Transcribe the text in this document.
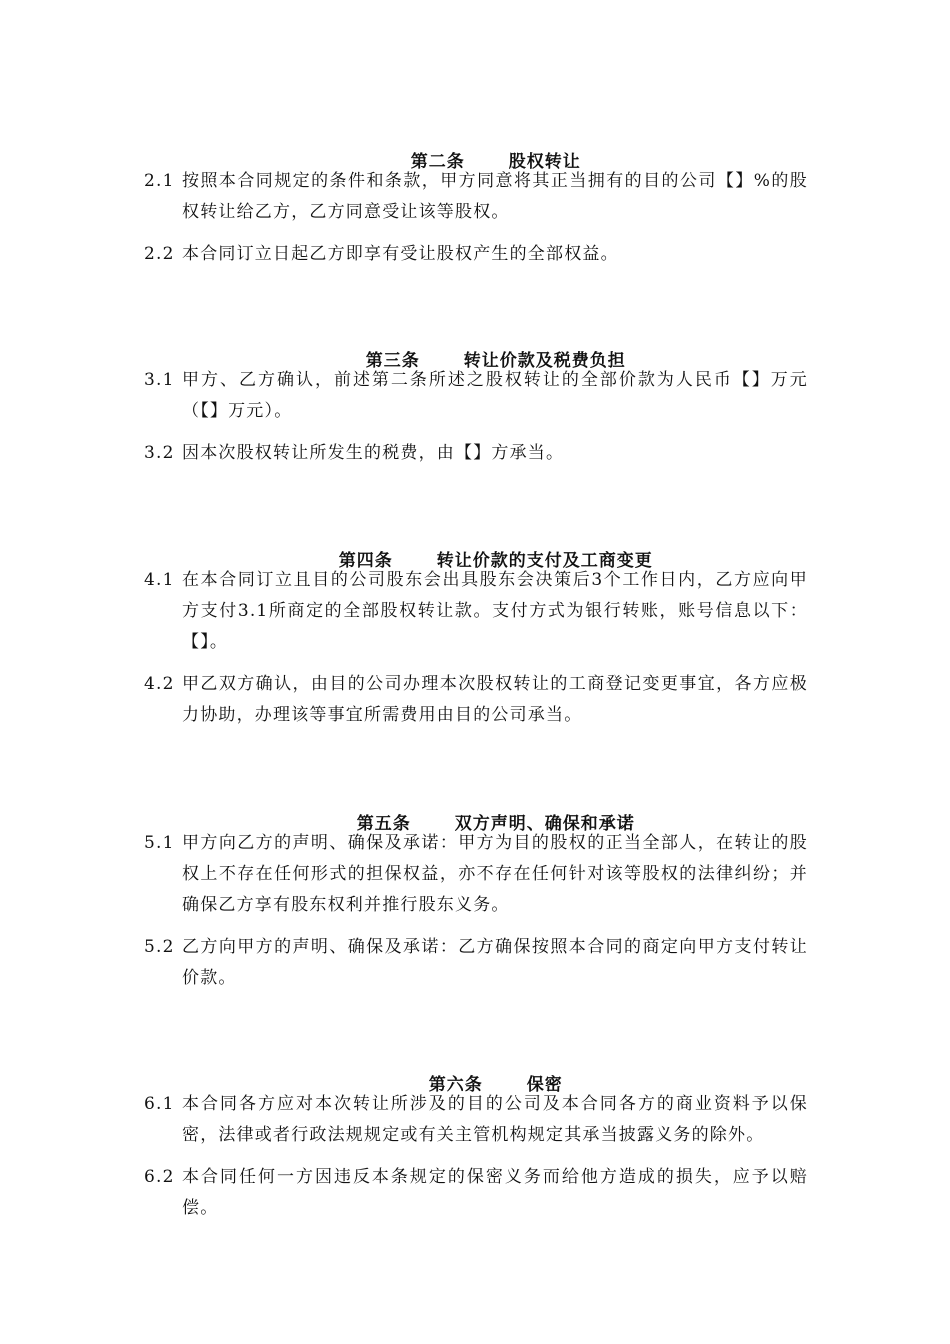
第二条	股权转让

2.1 按照本合同规定的条件和条款，甲方同意将其正当拥有的目的公司【】%的股权转让给乙方，乙方同意受让该等股权。
2.2 本合同订立日起乙方即享有受让股权产生的全部权益。

第三条	转让价款及税费负担

3.1 甲方、乙方确认，前述第二条所述之股权转让的全部价款为人民币【】万元（【】万元）。
3.2 因本次股权转让所发生的税费，由【】方承当。

第四条	转让价款的支付及工商变更

4.1 在本合同订立且目的公司股东会出具股东会决策后3个工作日内，乙方应向甲方支付3.1所商定的全部股权转让款。支付方式为银行转账，账号信息以下：【】。
4.2 甲乙双方确认，由目的公司办理本次股权转让的工商登记变更事宜，各方应极力协助，办理该等事宜所需费用由目的公司承当。

第五条	双方声明、确保和承诺

5.1 甲方向乙方的声明、确保及承诺：甲方为目的股权的正当全部人，在转让的股权上不存在任何形式的担保权益，亦不存在任何针对该等股权的法律纠纷；并确保乙方享有股东权利并推行股东义务。
5.2 乙方向甲方的声明、确保及承诺：乙方确保按照本合同的商定向甲方支付转让价款。

第六条	保密

6.1 本合同各方应对本次转让所涉及的目的公司及本合同各方的商业资料予以保密，法律或者行政法规规定或有关主管机构规定其承当披露义务的除外。
6.2 本合同任何一方因违反本条规定的保密义务而给他方造成的损失，应予以赔偿。
